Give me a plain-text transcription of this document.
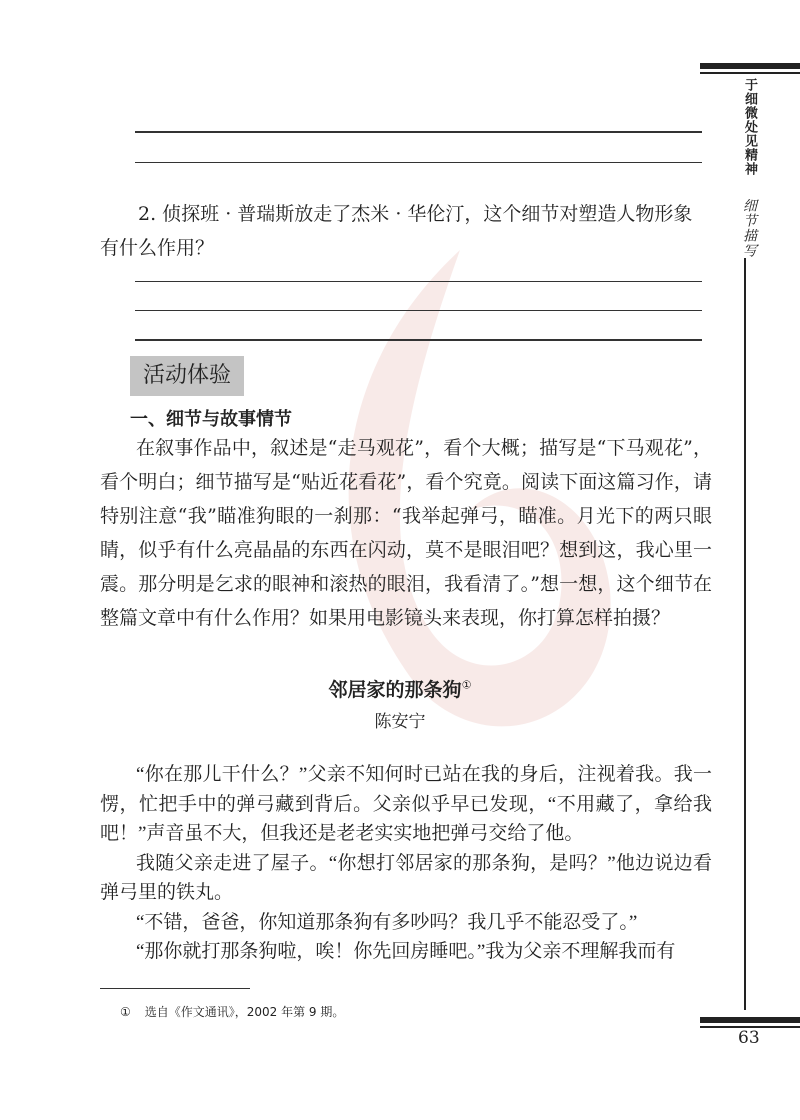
于细微处见精神
细节描写
63
2. 侦探班 · 普瑞斯放走了杰米 · 华伦汀，这个细节对塑造人物形象有什么作用？
活动体验
一、细节与故事情节
在叙事作品中，叙述是“走马观花”，看个大概；描写是“下马观花”，看个明白；细节描写是“贴近花看花”，看个究竟。阅读下面这篇习作，请特别注意“我”瞄准狗眼的一刹那：“我举起弹弓，瞄准。月光下的两只眼睛，似乎有什么亮晶晶的东西在闪动，莫不是眼泪吧？想到这，我心里一震。那分明是乞求的眼神和滚热的眼泪，我看清了。”想一想，这个细节在整篇文章中有什么作用？如果用电影镜头来表现，你打算怎样拍摄？
邻居家的那条狗①
陈安宁

“你在那儿干什么？”父亲不知何时已站在我的身后，注视着我。我一愣，忙把手中的弹弓藏到背后。父亲似乎早已发现，“不用藏了，拿给我吧！”声音虽不大，但我还是老老实实地把弹弓交给了他。

我随父亲走进了屋子。“你想打邻居家的那条狗，是吗？”他边说边看弹弓里的铁丸。

“不错，爸爸，你知道那条狗有多吵吗？我几乎不能忍受了。”

“那你就打那条狗啦，唉！你先回房睡吧。”我为父亲不理解我而有

① 选自《作文通讯》，2002 年第 9 期。
